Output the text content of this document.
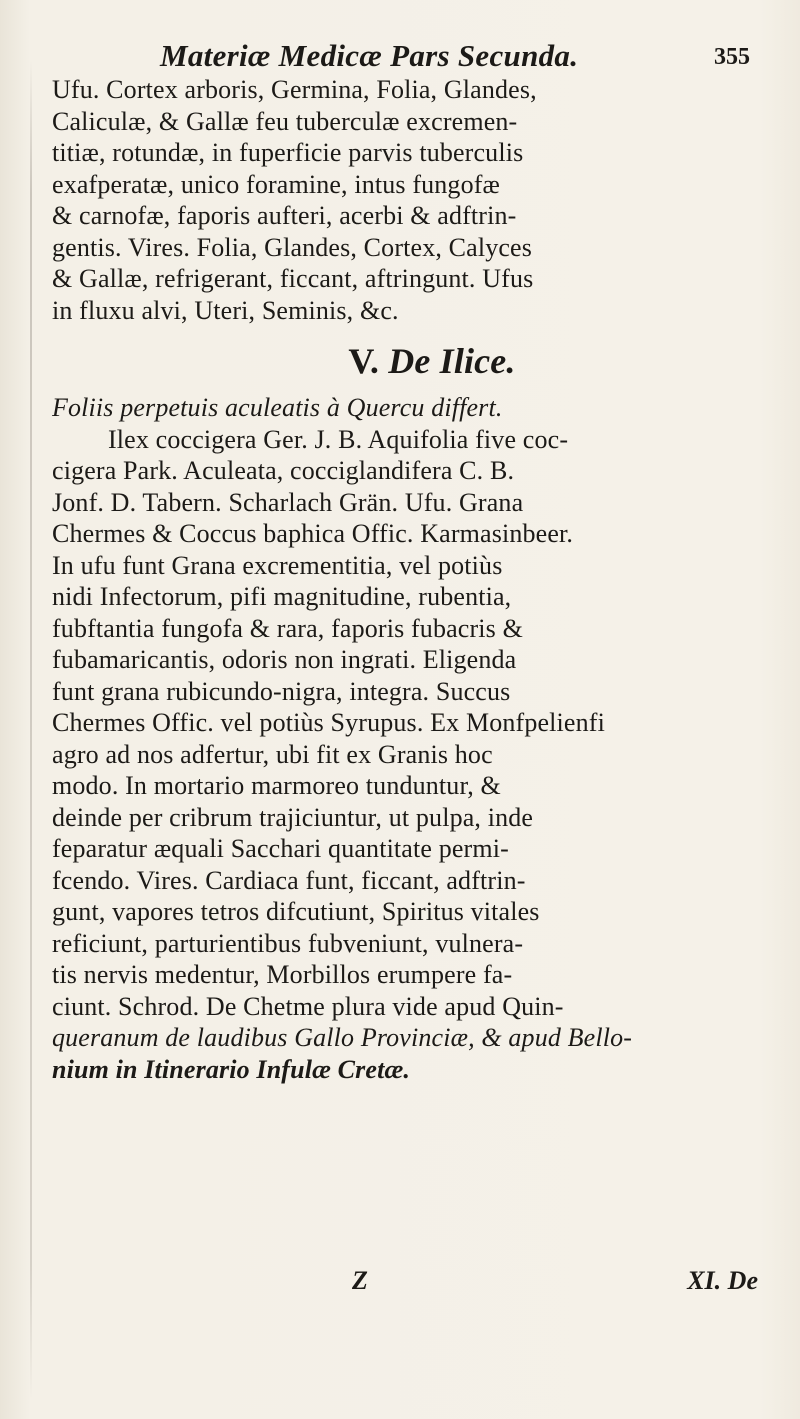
Materiæ Medicæ Pars Secunda.	355
Ufu. Cortex arboris, Germina, Folia, Glandes,
Caliculæ, & Gallæ feu tuberculæ excremen-
titiæ, rotundæ, in fuperficie parvis tuberculis
exafperatæ, unico foramine, intus fungofæ
& carnofæ, faporis aufteri, acerbi & adftrin-
gentis. Vires. Folia, Glandes, Cortex, Calyces
& Gallæ, refrigerant, ficcant, aftringunt. Ufus
in fluxu alvi, Uteri, Seminis, &c.
V. De Ilice.
Foliis perpetuis aculeatis à Quercu differt.
Ilex coccigera Ger. J. B. Aquifolia five coc-
cigera Park. Aculeata, cocciglandifera C. B.
Jonf. D. Tabern. Scharlach Grän. Ufu. Grana
Chermes & Coccus baphica Offic. Karmasinbeer.
In ufu funt Grana excrementitia, vel potiùs
nidi Infectorum, pifi magnitudine, rubentia,
fubftantia fungofa & rara, faporis fubacris &
fubamaricantis, odoris non ingrati. Eligenda
funt grana rubicundo-nigra, integra. Succus
Chermes Offic. vel potiùs Syrupus. Ex Monfpelienfi
agro ad nos adfertur, ubi fit ex Granis hoc
modo. In mortario marmoreo tunduntur, &
deinde per cribrum trajiciuntur, ut pulpa, inde
feparatur æquali Sacchari quantitate permi-
fcendo. Vires. Cardiaca funt, ficcant, adftrin-
gunt, vapores tetros difcutiunt, Spiritus vitales
reficiunt, parturientibus fubveniunt, vulnera-
tis nervis medentur, Morbillos erumpere fa-
ciunt. Schrod. De Chetme plura vide apud Quin-
queranum de laudibus Gallo Provinciæ, & apud Bello-
nium in Itinerario Infulæ Cretæ.
Z	XI. De
